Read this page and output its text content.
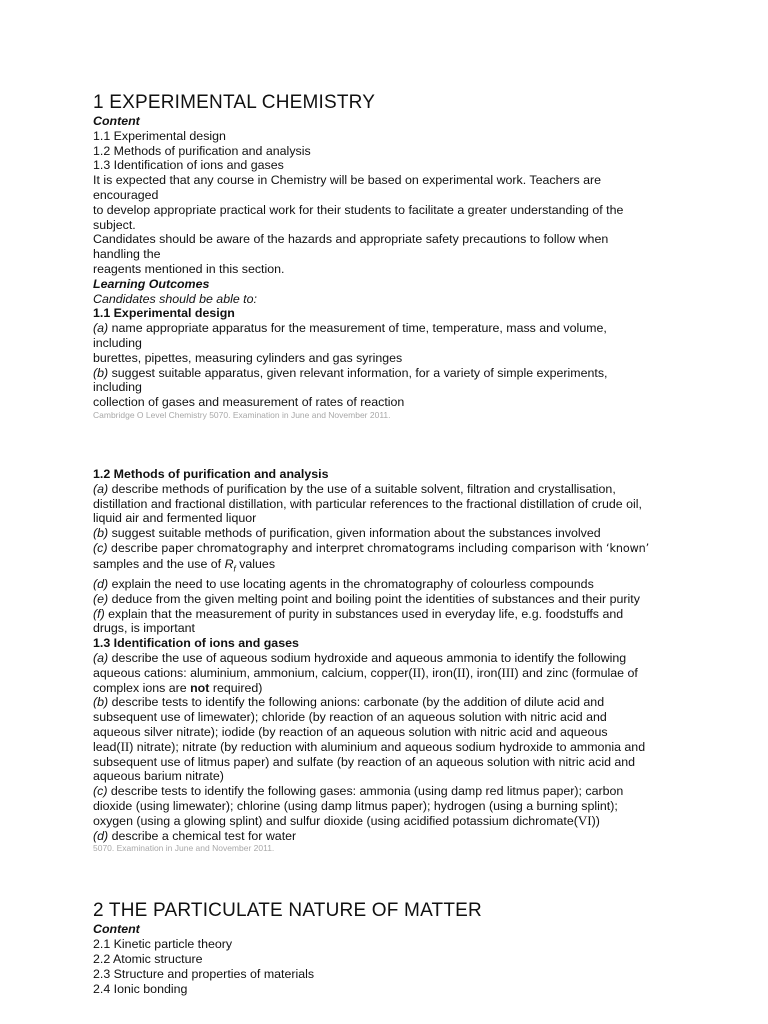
1 EXPERIMENTAL CHEMISTRY

Content

1.1 Experimental design

1.2 Methods of purification and analysis

1.3 Identification of ions and gases

It is expected that any course in Chemistry will be based on experimental work. Teachers are

encouraged

to develop appropriate practical work for their students to facilitate a greater understanding of the

subject.

Candidates should be aware of the hazards and appropriate safety precautions to follow when

handling the

reagents mentioned in this section.

Learning Outcomes

Candidates should be able to:

1.1 Experimental design

(a) name appropriate apparatus for the measurement of time, temperature, mass and volume,

including

burettes, pipettes, measuring cylinders and gas syringes

(b) suggest suitable apparatus, given relevant information, for a variety of simple experiments,

including

collection of gases and measurement of rates of reaction

Cambridge O Level Chemistry 5070. Examination in June and November 2011.

1.2 Methods of purification and analysis

(a) describe methods of purification by the use of a suitable solvent, filtration and crystallisation,

distillation and fractional distillation, with particular references to the fractional distillation of crude oil,

liquid air and fermented liquor

(b) suggest suitable methods of purification, given information about the substances involved

(c) describe paper chromatography and interpret chromatograms including comparison with ‘known’

samples and the use of $R_f$ values

(d) explain the need to use locating agents in the chromatography of colourless compounds

(e) deduce from the given melting point and boiling point the identities of substances and their purity

(f) explain that the measurement of purity in substances used in everyday life, e.g. foodstuffs and

drugs, is important

1.3 Identification of ions and gases

(a) describe the use of aqueous sodium hydroxide and aqueous ammonia to identify the following

aqueous cations: aluminium, ammonium, calcium, copper(II), iron(II), iron(III) and zinc (formulae of

complex ions are not required)

(b) describe tests to identify the following anions: carbonate (by the addition of dilute acid and

subsequent use of limewater); chloride (by reaction of an aqueous solution with nitric acid and

aqueous silver nitrate); iodide (by reaction of an aqueous solution with nitric acid and aqueous

lead(II) nitrate); nitrate (by reduction with aluminium and aqueous sodium hydroxide to ammonia and

subsequent use of litmus paper) and sulfate (by reaction of an aqueous solution with nitric acid and

aqueous barium nitrate)

(c) describe tests to identify the following gases: ammonia (using damp red litmus paper); carbon

dioxide (using limewater); chlorine (using damp litmus paper); hydrogen (using a burning splint);

oxygen (using a glowing splint) and sulfur dioxide (using acidified potassium dichromate(VI))

(d) describe a chemical test for water

5070. Examination in June and November 2011.

2 THE PARTICULATE NATURE OF MATTER

Content

2.1 Kinetic particle theory

2.2 Atomic structure

2.3 Structure and properties of materials

2.4 Ionic bonding
